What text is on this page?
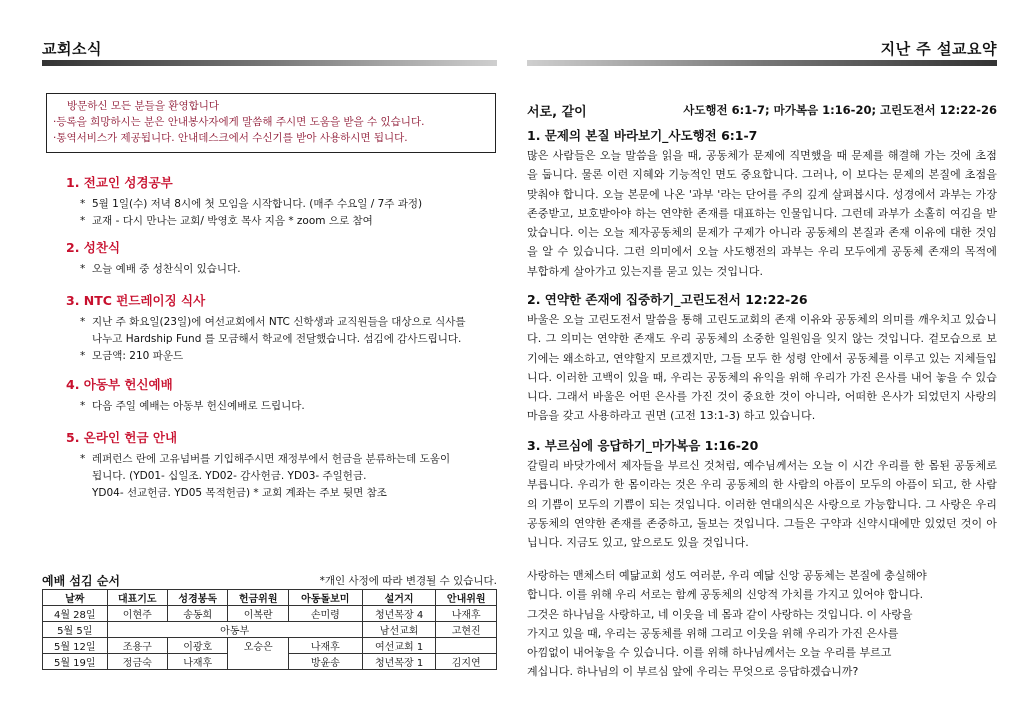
교회소식
방문하신 모든 분들을 환영합니다
·등록을 희망하시는 분은 안내봉사자에게 말씀해 주시면 도움을 받을 수 있습니다.
·통역서비스가 제공됩니다. 안내데스크에서 수신기를 받아 사용하시면 됩니다.
1. 전교인 성경공부
* 5월 1일(수) 저녁 8시에 첫 모임을 시작합니다. (매주 수요일 / 7주 과정)
* 교재 - 다시 만나는 교회/ 박영호 목사 지음 * zoom 으로 참여
2. 성찬식
* 오늘 예배 중 성찬식이 있습니다.
3. NTC 펀드레이징 식사
* 지난 주 화요일(23일)에 여선교회에서 NTC 신학생과 교직원들을 대상으로 식사를
나누고 Hardship Fund 를 모금해서 학교에 전달했습니다. 섬김에 감사드립니다.
* 모금액: 210 파운드
4. 아동부 헌신예배
* 다음 주일 예배는 아동부 헌신예배로 드립니다.
5. 온라인 헌금 안내
* 레퍼런스 란에 고유넘버를 기입해주시면 재정부에서 헌금을 분류하는데 도움이
됩니다. (YD01- 십일조. YD02- 감사헌금. YD03- 주일헌금.
YD04- 선교헌금. YD05 목적헌금) * 교회 계좌는 주보 뒷면 참조
예배 섬김 순서	*개인 사정에 따라 변경될 수 있습니다.
날짜	대표기도	성경봉독	헌금위원	아동돌보미	설거지	안내위원
4월 28일	이현주	송동희	이복란	손미령	청년목장 4	나재후
5월 5일	아동부				남선교회	고현진
5월 12일	조용구	이광호	오승은	나재후	여선교회 1	
5월 19일	정금숙	나재후		방윤송	청년목장 1	김지연
지난 주 설교요약
서로, 같이	사도행전 6:1-7; 마가복음 1:16-20; 고린도전서 12:22-26
1. 문제의 본질 바라보기_사도행전 6:1-7
많은 사람들은 오늘 말씀을 읽을 때, 공동체가 문제에 직면했을 때 문제를 해결해 가는 것에 초점을 둡니다. 물론 이런 지혜와 기능적인 면도 중요합니다. 그러나, 이 보다는 문제의 본질에 초점을 맞춰야 합니다. 오늘 본문에 나온 '과부 '라는 단어를 주의 깊게 살펴봅시다. 성경에서 과부는 가장 존중받고, 보호받아야 하는 연약한 존재를 대표하는 인물입니다. 그런데 과부가 소홀히 여김을 받았습니다. 이는 오늘 제자공동체의 문제가 구제가 아니라 공동체의 본질과 존재 이유에 대한 것임을 알 수 있습니다. 그런 의미에서 오늘 사도행전의 과부는 우리 모두에게 공동체 존재의 목적에 부합하게 살아가고 있는지를 묻고 있는 것입니다.
2. 연약한 존재에 집중하기_고린도전서 12:22-26
바울은 오늘 고린도전서 말씀을 통해 고린도교회의 존재 이유와 공동체의 의미를 깨우치고 있습니다. 그 의미는 연약한 존재도 우리 공동체의 소중한 일원임을 잊지 않는 것입니다. 겉모습으로 보기에는 왜소하고, 연약할지 모르겠지만, 그들 모두 한 성령 안에서 공동체를 이루고 있는 지체들입니다. 이러한 고백이 있을 때, 우리는 공동체의 유익을 위해 우리가 가진 은사를 내어 놓을 수 있습니다. 그래서 바울은 어떤 은사를 가진 것이 중요한 것이 아니라, 어떠한 은사가 되었던지 사랑의 마음을 갖고 사용하라고 권면 (고전 13:1-3) 하고 있습니다.
3. 부르심에 응답하기_마가복음 1:16-20
갈릴리 바닷가에서 제자들을 부르신 것처럼, 예수님께서는 오늘 이 시간 우리를 한 몸된 공동체로 부릅니다. 우리가 한 몸이라는 것은 우리 공동체의 한 사람의 아픔이 모두의 아픔이 되고, 한 사람의 기쁨이 모두의 기쁨이 되는 것입니다. 이러한 연대의식은 사랑으로 가능합니다. 그 사랑은 우리 공동체의 연약한 존재를 존중하고, 돌보는 것입니다. 그들은 구약과 신약시대에만 있었던 것이 아닙니다. 지금도 있고, 앞으로도 있을 것입니다.
사랑하는 맨체스터 예닮교회 성도 여러분, 우리 예닮 신앙 공동체는 본질에 충실해야
합니다. 이를 위해 우리 서로는 함께 공동체의 신앙적 가치를 가지고 있어야 합니다.
그것은 하나님을 사랑하고, 네 이웃을 네 몸과 같이 사랑하는 것입니다. 이 사랑을
가지고 있을 때, 우리는 공동체를 위해 그리고 이웃을 위해 우리가 가진 은사를
아낌없이 내어놓을 수 있습니다. 이를 위해 하나님께서는 오늘 우리를 부르고
계십니다. 하나님의 이 부르심 앞에 우리는 무엇으로 응답하겠습니까?
